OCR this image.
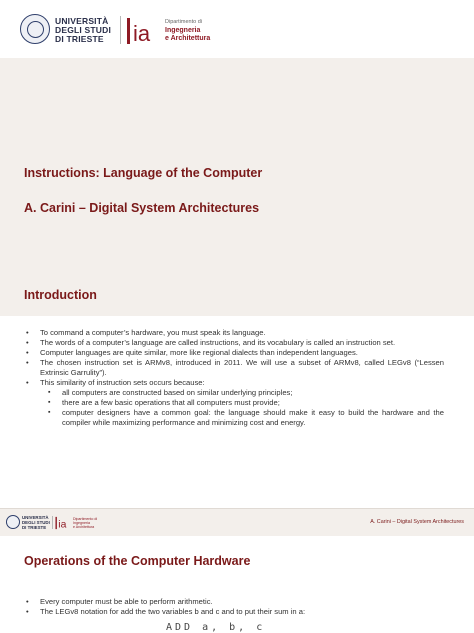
UNIVERSITÀ
DEGLI STUDI
DI TRIESTE	ia	Dipartimento di
Ingegneria
e Architettura
Instructions: Language of the Computer
A. Carini – Digital System Architectures
Introduction
• To command a computer’s hardware, you must speak its language.
• The words of a computer’s language are called instructions, and its vocabulary is called an instruction set.
• Computer languages are quite similar, more like regional dialects than independent languages.
• The chosen instruction set is ARMv8, introduced in 2011. We will use a subset of ARMv8, called LEGv8 (“Lessen Extrinsic Garrulity”).
• This similarity of instruction sets occurs because:
▪ all computers are constructed based on similar underlying principles;
▪ there are a few basic operations that all computers must provide;
▪ computer designers have a common goal: the language should make it easy to build the hardware and the compiler while maximizing performance and minimizing cost and energy.
UNIVERSITÀ
DEGLI STUDI
DI TRIESTE ia
Dipartimento di
Ingegneria
e Architettura
A. Carini – Digital System Architectures
Operations of the Computer Hardware
• Every computer must be able to perform arithmetic.
• The LEGv8 notation for add the two variables b and c and to put their sum in a:
ADD a, b, c
